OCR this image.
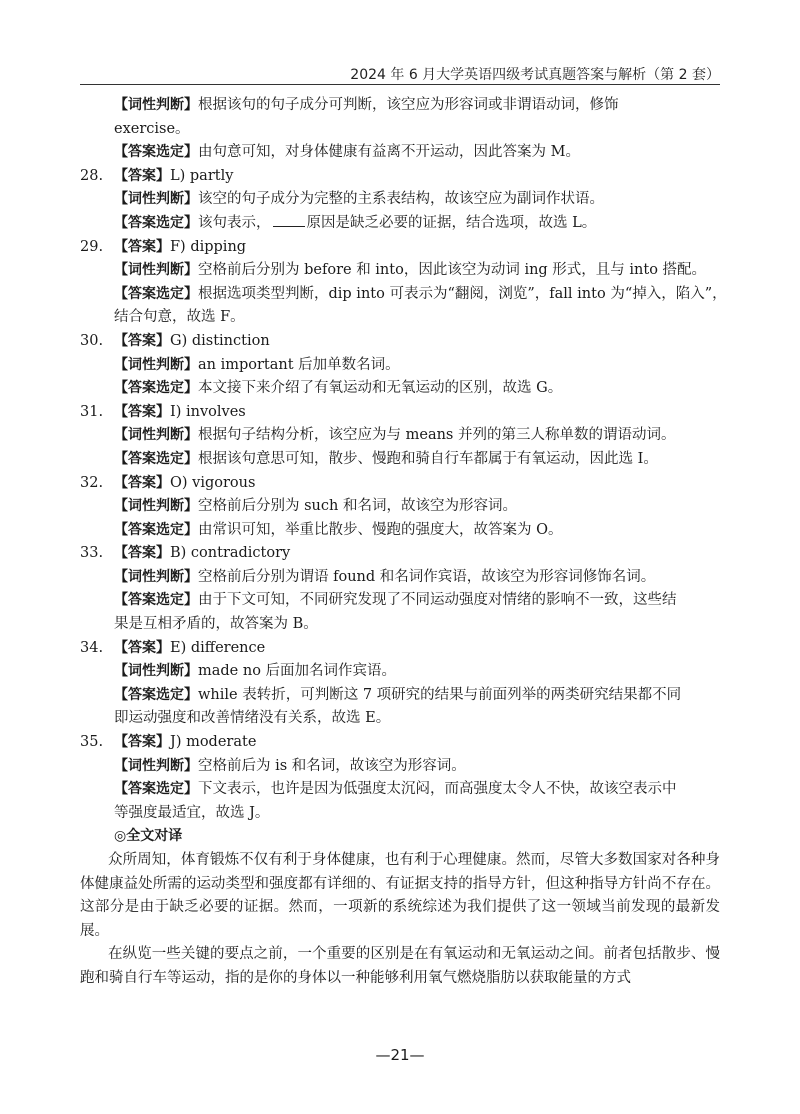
2024 年 6 月大学英语四级考试真题答案与解析（第 2 套）
【词性判断】根据该句的句子成分可判断，该空应为形容词或非谓语动词，修饰
exercise。
【答案选定】由句意可知，对身体健康有益离不开运动，因此答案为 M。
28. 【答案】L) partly
【词性判断】该空的句子成分为完整的主系表结构，故该空应为副词作状语。
【答案选定】该句表示， 原因是缺乏必要的证据，结合选项，故选 L。
29. 【答案】F) dipping
【词性判断】空格前后分别为 before 和 into，因此该空为动词 ing 形式，且与 into 搭配。
【答案选定】根据选项类型判断，dip into 可表示为“翻阅，浏览”，fall into 为“掉入，陷入”，
结合句意，故选 F。
30. 【答案】G) distinction
【词性判断】an important 后加单数名词。
【答案选定】本文接下来介绍了有氧运动和无氧运动的区别，故选 G。
31. 【答案】I) involves
【词性判断】根据句子结构分析，该空应为与 means 并列的第三人称单数的谓语动词。
【答案选定】根据该句意思可知，散步、慢跑和骑自行车都属于有氧运动，因此选 I。
32. 【答案】O) vigorous
【词性判断】空格前后分别为 such 和名词，故该空为形容词。
【答案选定】由常识可知，举重比散步、慢跑的强度大，故答案为 O。
33. 【答案】B) contradictory
【词性判断】空格前后分别为谓语 found 和名词作宾语，故该空为形容词修饰名词。
【答案选定】由于下文可知，不同研究发现了不同运动强度对情绪的影响不一致，这些结
果是互相矛盾的，故答案为 B。
34. 【答案】E) difference
【词性判断】made no 后面加名词作宾语。
【答案选定】while 表转折，可判断这 7 项研究的结果与前面列举的两类研究结果都不同
即运动强度和改善情绪没有关系，故选 E。
35. 【答案】J) moderate
【词性判断】空格前后为 is 和名词，故该空为形容词。
【答案选定】下文表示，也许是因为低强度太沉闷，而高强度太令人不快，故该空表示中
等强度最适宜，故选 J。
◎全文对译
众所周知，体育锻炼不仅有利于身体健康，也有利于心理健康。然而，尽管大多数国家对各种身体健康益处所需的运动类型和强度都有详细的、有证据支持的指导方针，但这种指导方针尚不存在。这部分是由于缺乏必要的证据。然而，一项新的系统综述为我们提供了这一领域当前发现的最新发展。
在纵览一些关键的要点之前，一个重要的区别是在有氧运动和无氧运动之间。前者包括散步、慢跑和骑自行车等运动，指的是你的身体以一种能够利用氧气燃烧脂肪以获取能量的方式
—21—
